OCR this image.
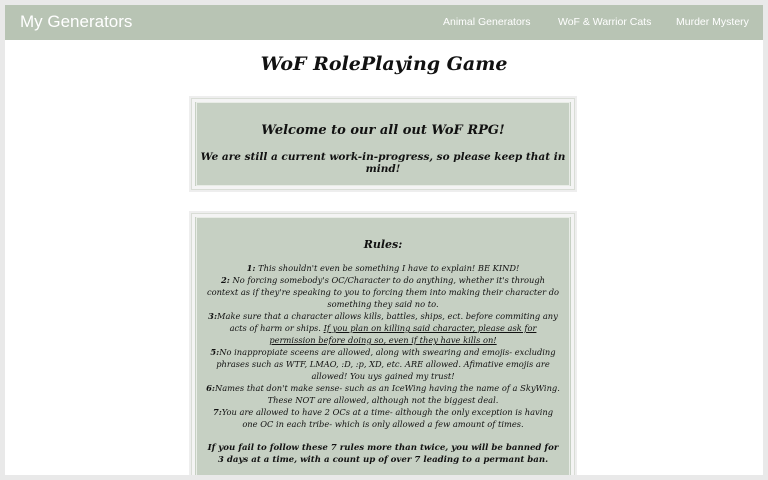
My Generators	Animal Generators	WoF & Warrior Cats Murder Mystery
WoF RolePlaying Game
Welcome to our all out WoF RPG!
We are still a current work-in-progress, so please keep that in mind!
Rules:
1: This shouldn't even be something I have to explain! BE KIND!
2: No forcing somebody's OC/Character to do anything, whether it's through context as if they're speaking to you to forcing them into making their character do something they said no to.
3:Make sure that a character allows kills, battles, ships, ect. before commiting any acts of harm or ships. If you plan on killing said character, please ask for permission before doing so, even if they have kills on!
5:No inappropiate sceens are allowed, along with swearing and emojis- excluding phrases such as WTF, LMAO, :D, :p, XD, etc. ARE allowed. Afimative emojis are allowed! You uys gained my trust!
6:Names that don't make sense- such as an IceWing having the name of a SkyWing. These NOT are allowed, although not the biggest deal.
7:You are allowed to have 2 OCs at a time- although the only exception is having one OC in each tribe- which is only allowed a few amount of times.
If you fail to follow these 7 rules more than twice, you will be banned for 3 days at a time, with a count up of over 7 leading to a permant ban.
